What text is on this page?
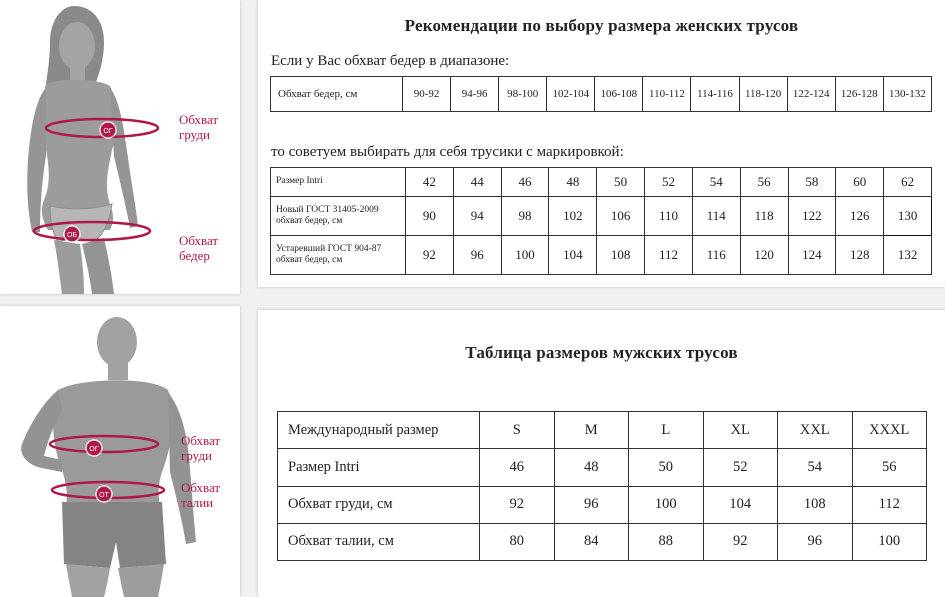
ОГ
ОБ
Обхват
груди
Обхват
бедер
ОГ
ОТ
Обхват
груди
Обхват
талии
Рекомендации по выбору размера женских трусов
Если у Вас обхват бедер в диапазоне:
Обхват бедер, см	90-92	94-96	98-100	102-104	106-108	110-112	114-116	118-120	122-124	126-128	130-132
то советуем выбирать для себя трусики с маркировкой:
Размер Intri	42	44	46	48	50	52	54	56	58	60	62
Новый ГОСТ 31405-2009
обхват бедер, см	90	94	98	102	106	110	114	118	122	126	130
Устаревший ГОСТ 904-87
обхват бедер, см	92	96	100	104	108	112	116	120	124	128	132
Таблица размеров мужских трусов
Международный размер	S	M	L	XL	XXL	XXXL
Размер Intri	46	48	50	52	54	56
Обхват груди, см	92	96	100	104	108	112
Обхват талии, см	80	84	88	92	96	100
